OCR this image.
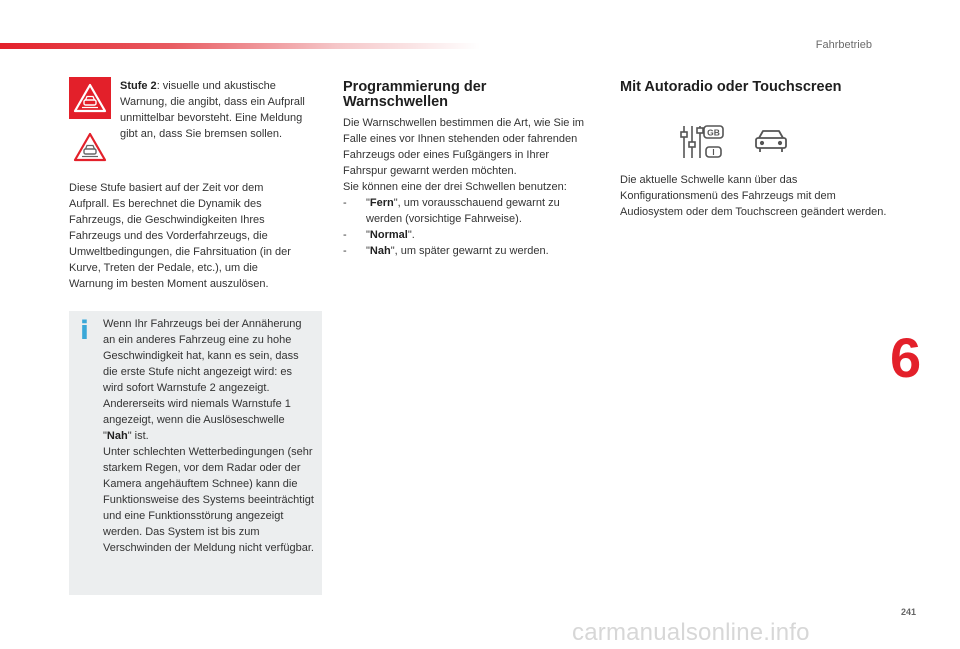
Fahrbetrieb

Stufe 2: visuelle und akustische Warnung, die angibt, dass ein Aufprall unmittelbar bevorsteht. Eine Meldung gibt an, dass Sie bremsen sollen.

Diese Stufe basiert auf der Zeit vor dem Aufprall. Es berechnet die Dynamik des Fahrzeugs, die Geschwindigkeiten Ihres Fahrzeugs und des Vorderfahrzeugs, die Umweltbedingungen, die Fahrsituation (in der Kurve, Treten der Pedale, etc.), um die Warnung im besten Moment auszulösen.

i Wenn Ihr Fahrzeugs bei der Annäherung an ein anderes Fahrzeug eine zu hohe Geschwindigkeit hat, kann es sein, dass die erste Stufe nicht angezeigt wird: es wird sofort Warnstufe 2 angezeigt.
Andererseits wird niemals Warnstufe 1 angezeigt, wenn die Auslöseschwelle "Nah" ist.
Unter schlechten Wetterbedingungen (sehr starkem Regen, vor dem Radar oder der Kamera angehäuftem Schnee) kann die Funktionsweise des Systems beeinträchtigt und eine Funktionsstörung angezeigt werden. Das System ist bis zum Verschwinden der Meldung nicht verfügbar.

Programmierung der Warnschwellen

Die Warnschwellen bestimmen die Art, wie Sie im Falle eines vor Ihnen stehenden oder fahrenden Fahrzeugs oder eines Fußgängers in Ihrer Fahrspur gewarnt werden möchten.

Sie können eine der drei Schwellen benutzen:

-	"Fern", um vorausschauend gewarnt zu werden (vorsichtige Fahrweise).
-	"Normal".
-	"Nah", um später gewarnt zu werden.
Mit Autoradio oder Touchscreen
GB
I

Die aktuelle Schwelle kann über das Konfigurationsmenü des Fahrzeugs mit dem Audiosystem oder dem Touchscreen geändert werden.

6
241
carmanualsonline.info
